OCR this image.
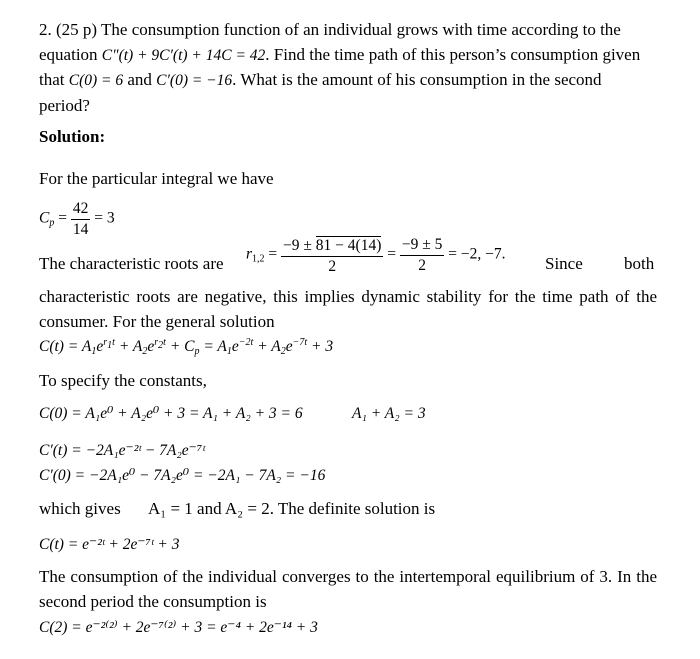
2. (25 p) The consumption function of an individual grows with time according to the
equation C″(t) + 9C′(t) + 14C = 42. Find the time path of this person’s consumption given
that C(0) = 6 and C′(0) = −16. What is the amount of his consumption in the second
period?
Solution:
For the particular integral we have
$C_p = \frac{42}{14} = 3$
The characteristic roots are $r_{1,2} = \frac{-9 \pm 81 - 4(14)}{2} = \frac{-9 \pm 5}{2} = -2$, −7. Since both
characteristic roots are negative, this implies dynamic stability for the time path of the consumer. For the general solution
$C(t) = A_1e^{r_1t} + A_2e^{r_2t} + C_p = A_1e^{-2t} + A_2e^{-7t} + 3$
To specify the constants,
C(0) = A₁e⁰ + A₂e⁰ + 3 = A₁ + A₂ + 3 = 6	A₁ + A₂ = 3
C′(t) = −2A₁e⁻²ᵗ − 7A₂e⁻⁷ᵗ
C′(0) = −2A₁e⁰ − 7A₂e⁰ = −2A₁ − 7A₂ = −16
which gives A₁ = 1 and A₂ = 2. The definite solution is
C(t) = e⁻²ᵗ + 2e⁻⁷ᵗ + 3
The consumption of the individual converges to the intertemporal equilibrium of 3. In the second period the consumption is
C(2) = e⁻²⁽²⁾ + 2e⁻⁷⁽²⁾ + 3 = e⁻⁴ + 2e⁻¹⁴ + 3
